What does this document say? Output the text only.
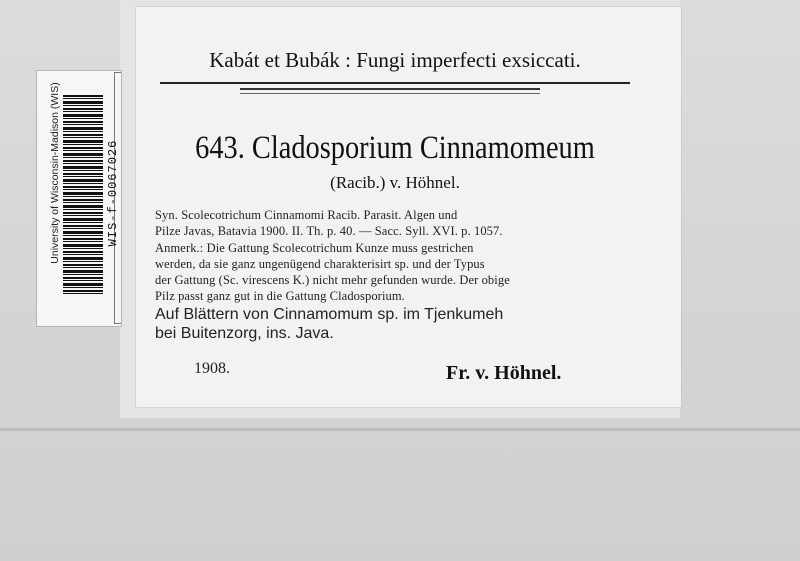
University of Wisconsin-Madison (WIS)	WIS-f-0067026
Kabát et Bubák : Fungi imperfecti exsiccati.
643. Cladosporium Cinnamomeum
(Racib.) v. Höhnel.
Syn. Scolecotrichum Cinnamomi Racib. Parasit. Algen und
Pilze Javas, Batavia 1900. II. Th. p. 40. — Sacc. Syll. XVI. p. 1057.
Anmerk.: Die Gattung Scolecotrichum Kunze muss gestrichen
werden, da sie ganz ungenügend charakterisirt sp. und der Typus
der Gattung (Sc. virescens K.) nicht mehr gefunden wurde. Der obige
Pilz passt ganz gut in die Gattung Cladosporium.
Auf Blättern von Cinnamomum sp. im Tjenkumeh
bei Buitenzorg, ins. Java.
1908.	Fr. v. Höhnel.
